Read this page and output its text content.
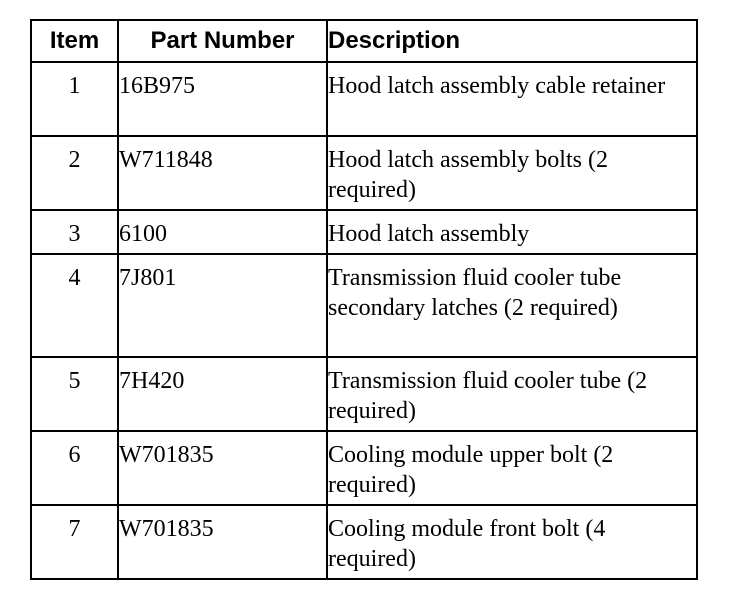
Item	Part Number	Description
1	16B975	Hood latch assembly cable retainer
2	W711848	Hood latch assembly bolts (2 required)
3	6100	Hood latch assembly
4	7J801	Transmission fluid cooler tube secondary latches (2 required)
5	7H420	Transmission fluid cooler tube (2 required)
6	W701835	Cooling module upper bolt (2 required)
7	W701835	Cooling module front bolt (4 required)
